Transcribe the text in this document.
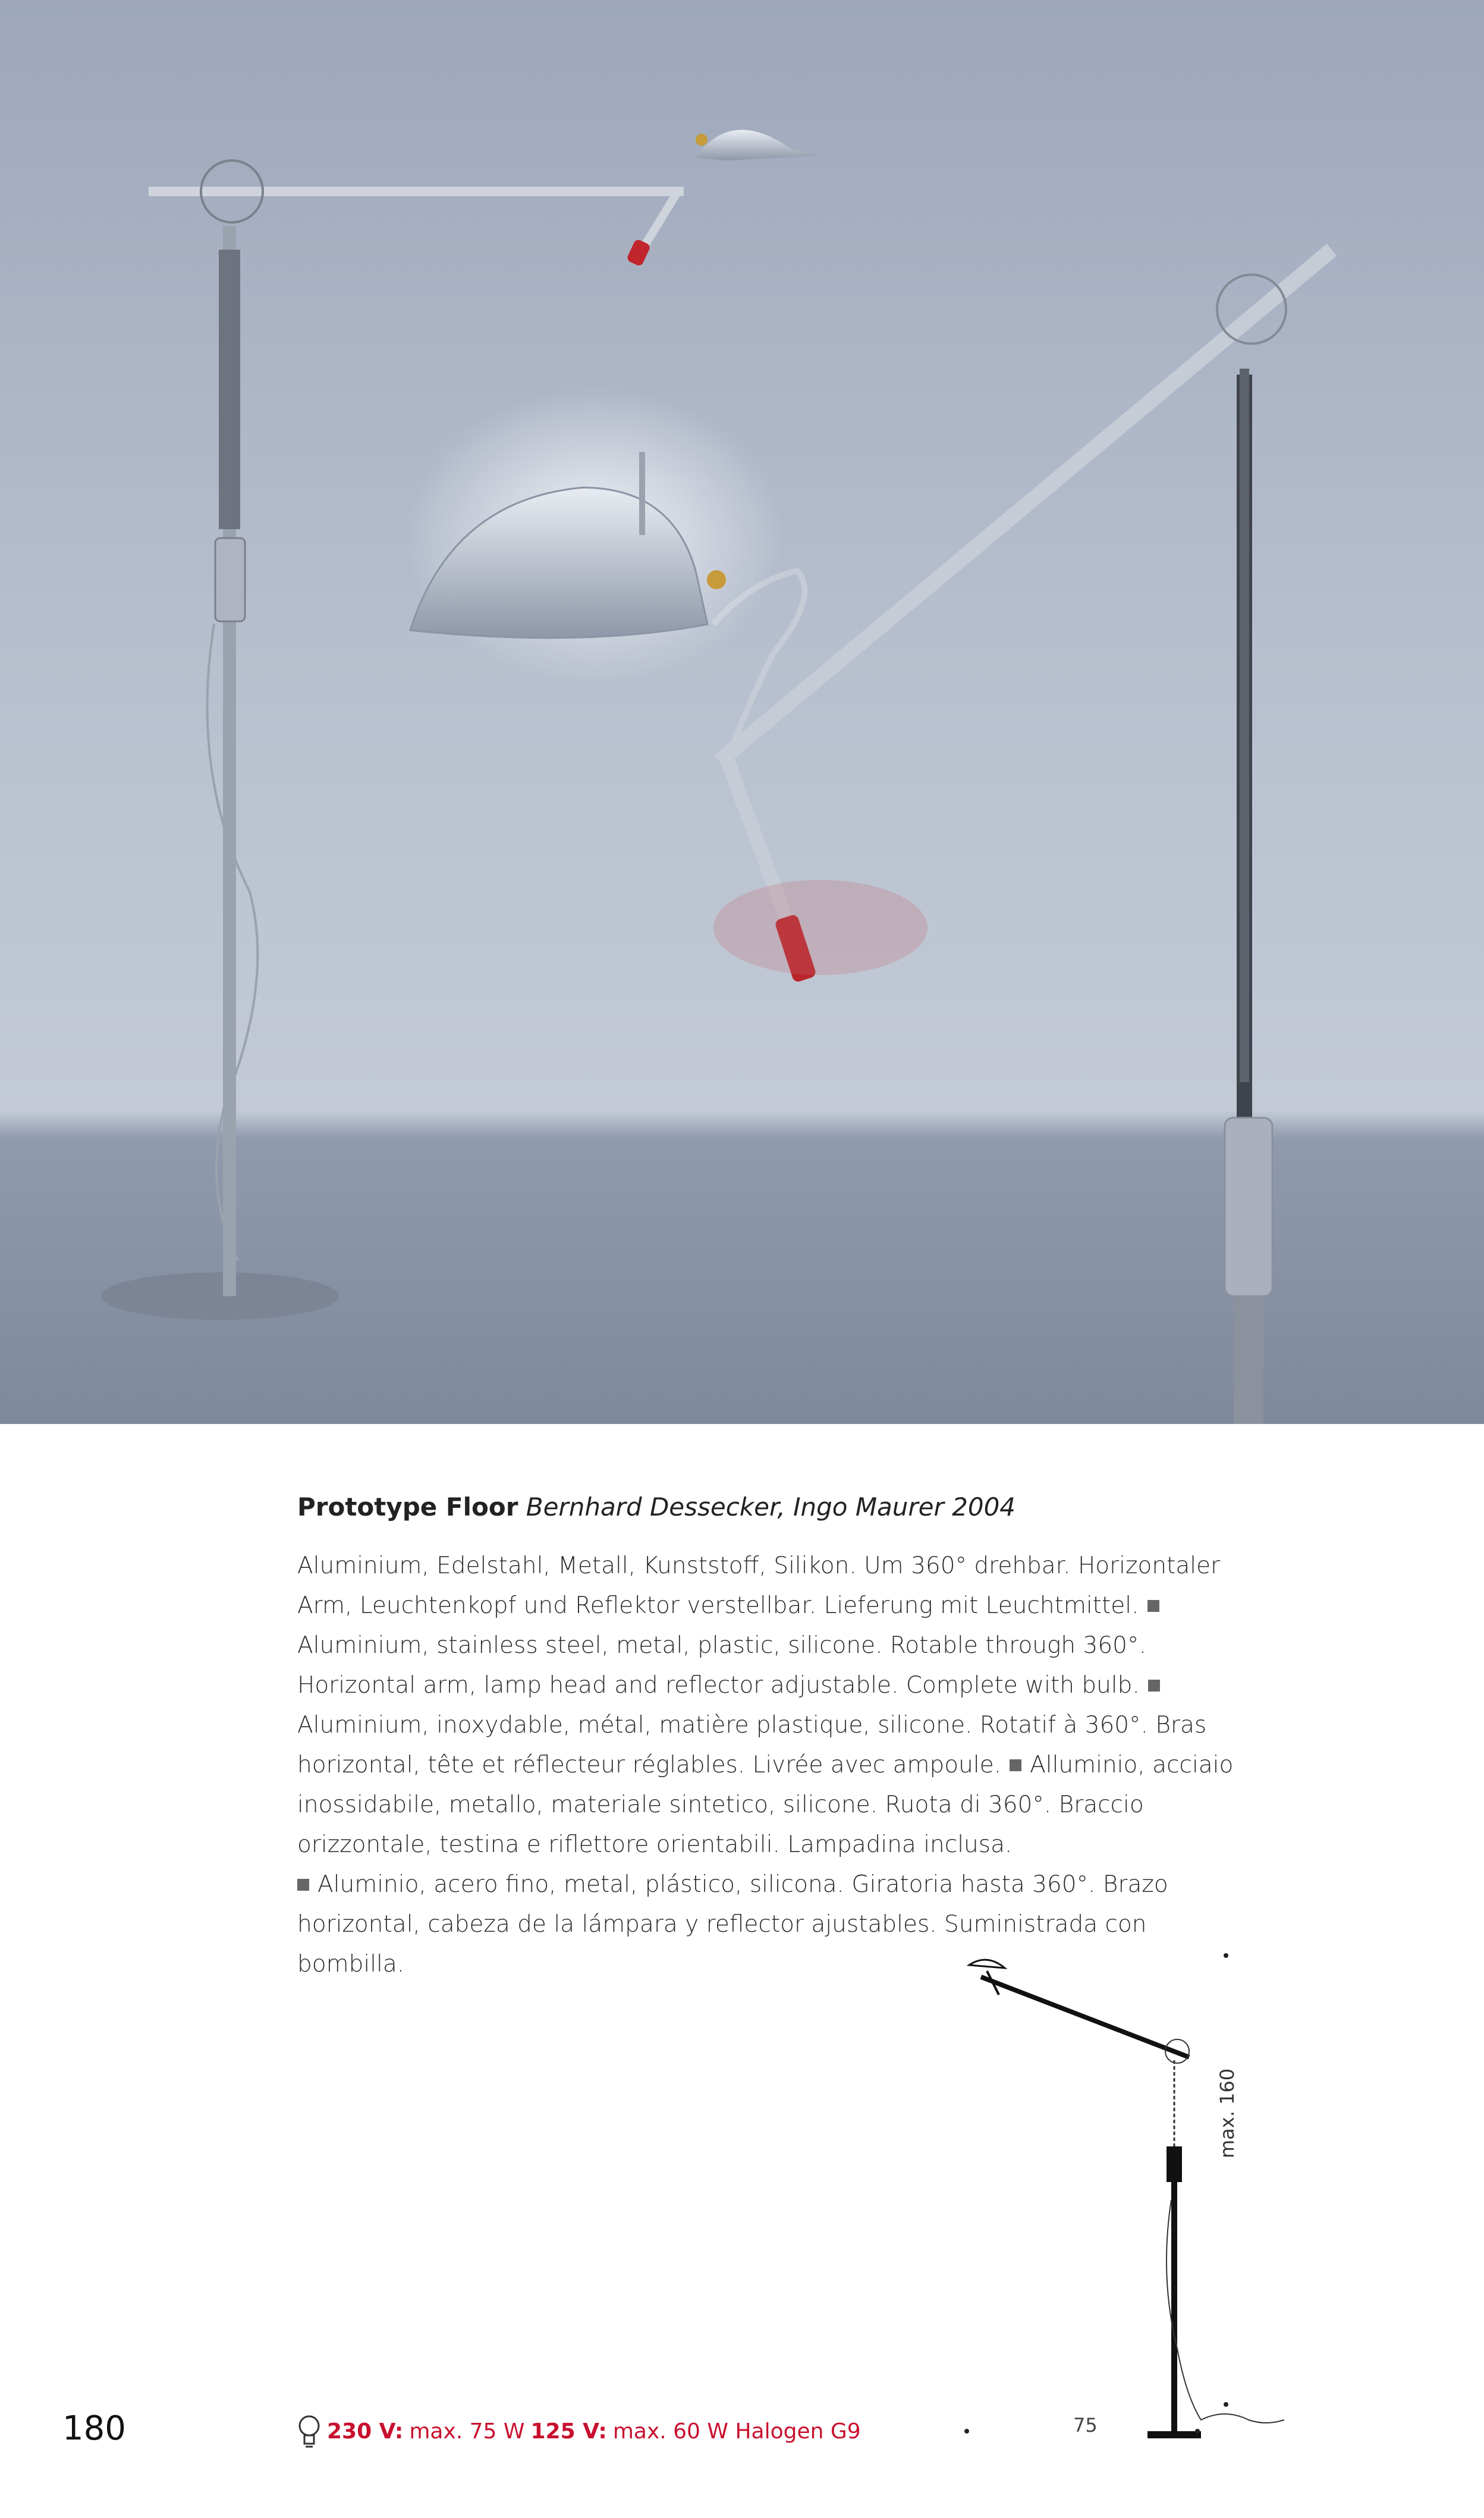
Prototype Floor Bernhard Dessecker, Ingo Maurer 2004
Aluminium, Edelstahl, Metall, Kunststoff, Silikon. Um 360° drehbar. Horizontaler Arm, Leuchtenkopf und Reflektor verstellbar. Lieferung mit Leuchtmittel.Aluminium, stainless steel, metal, plastic, silicone. Rotable through 360°. Horizontal arm, lamp head and reflector adjustable. Complete with bulb.Aluminium, inoxydable, métal, matière plastique, silicone. Rotatif à 360°. Bras horizontal, tête et réflecteur réglables. Livrée avec ampoule. Alluminio, acciaio inossidabile, metallo, materiale sintetico, silicone. Ruota di 360°. Braccio orizzontale, testina e riflettore orientabili. Lampadina inclusa.
Aluminio, acero fino, metal, plástico, silicona. Giratoria hasta 360°. Brazo horizontal, cabeza de la lámpara y reflector ajustables. Suministrada con bombilla.
max. 160
75
180	230 V: max. 75 W 125 V: max. 60 W Halogen G9
